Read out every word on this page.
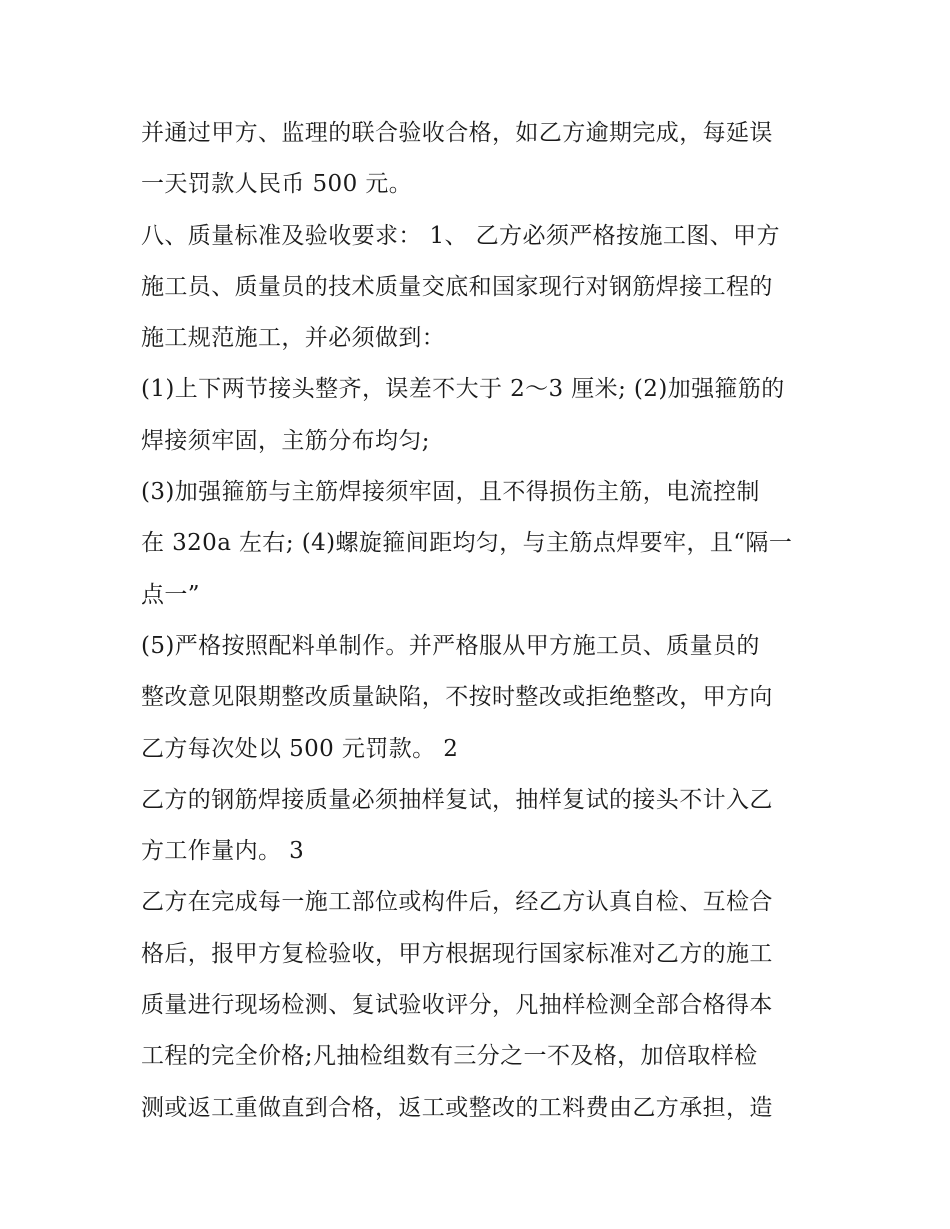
并通过甲方、监理的联合验收合格，如乙方逾期完成，每延误
一天罚款人民币 500 元。
八、质量标准及验收要求： 1、 乙方必须严格按施工图、甲方
施工员、质量员的技术质量交底和国家现行对钢筋焊接工程的
施工规范施工，并必须做到：
(1)上下两节接头整齐，误差不大于 2～3 厘米; (2)加强箍筋的
焊接须牢固，主筋分布均匀;
(3)加强箍筋与主筋焊接须牢固，且不得损伤主筋，电流控制
在 320a 左右; (4)螺旋箍间距均匀，与主筋点焊要牢，且“隔一
点一”
(5)严格按照配料单制作。并严格服从甲方施工员、质量员的
整改意见限期整改质量缺陷，不按时整改或拒绝整改，甲方向
乙方每次处以 500 元罚款。 2
乙方的钢筋焊接质量必须抽样复试，抽样复试的接头不计入乙
方工作量内。 3
乙方在完成每一施工部位或构件后，经乙方认真自检、互检合
格后，报甲方复检验收，甲方根据现行国家标准对乙方的施工
质量进行现场检测、复试验收评分，凡抽样检测全部合格得本
工程的完全价格;凡抽检组数有三分之一不及格，加倍取样检
测或返工重做直到合格，返工或整改的工料费由乙方承担，造
